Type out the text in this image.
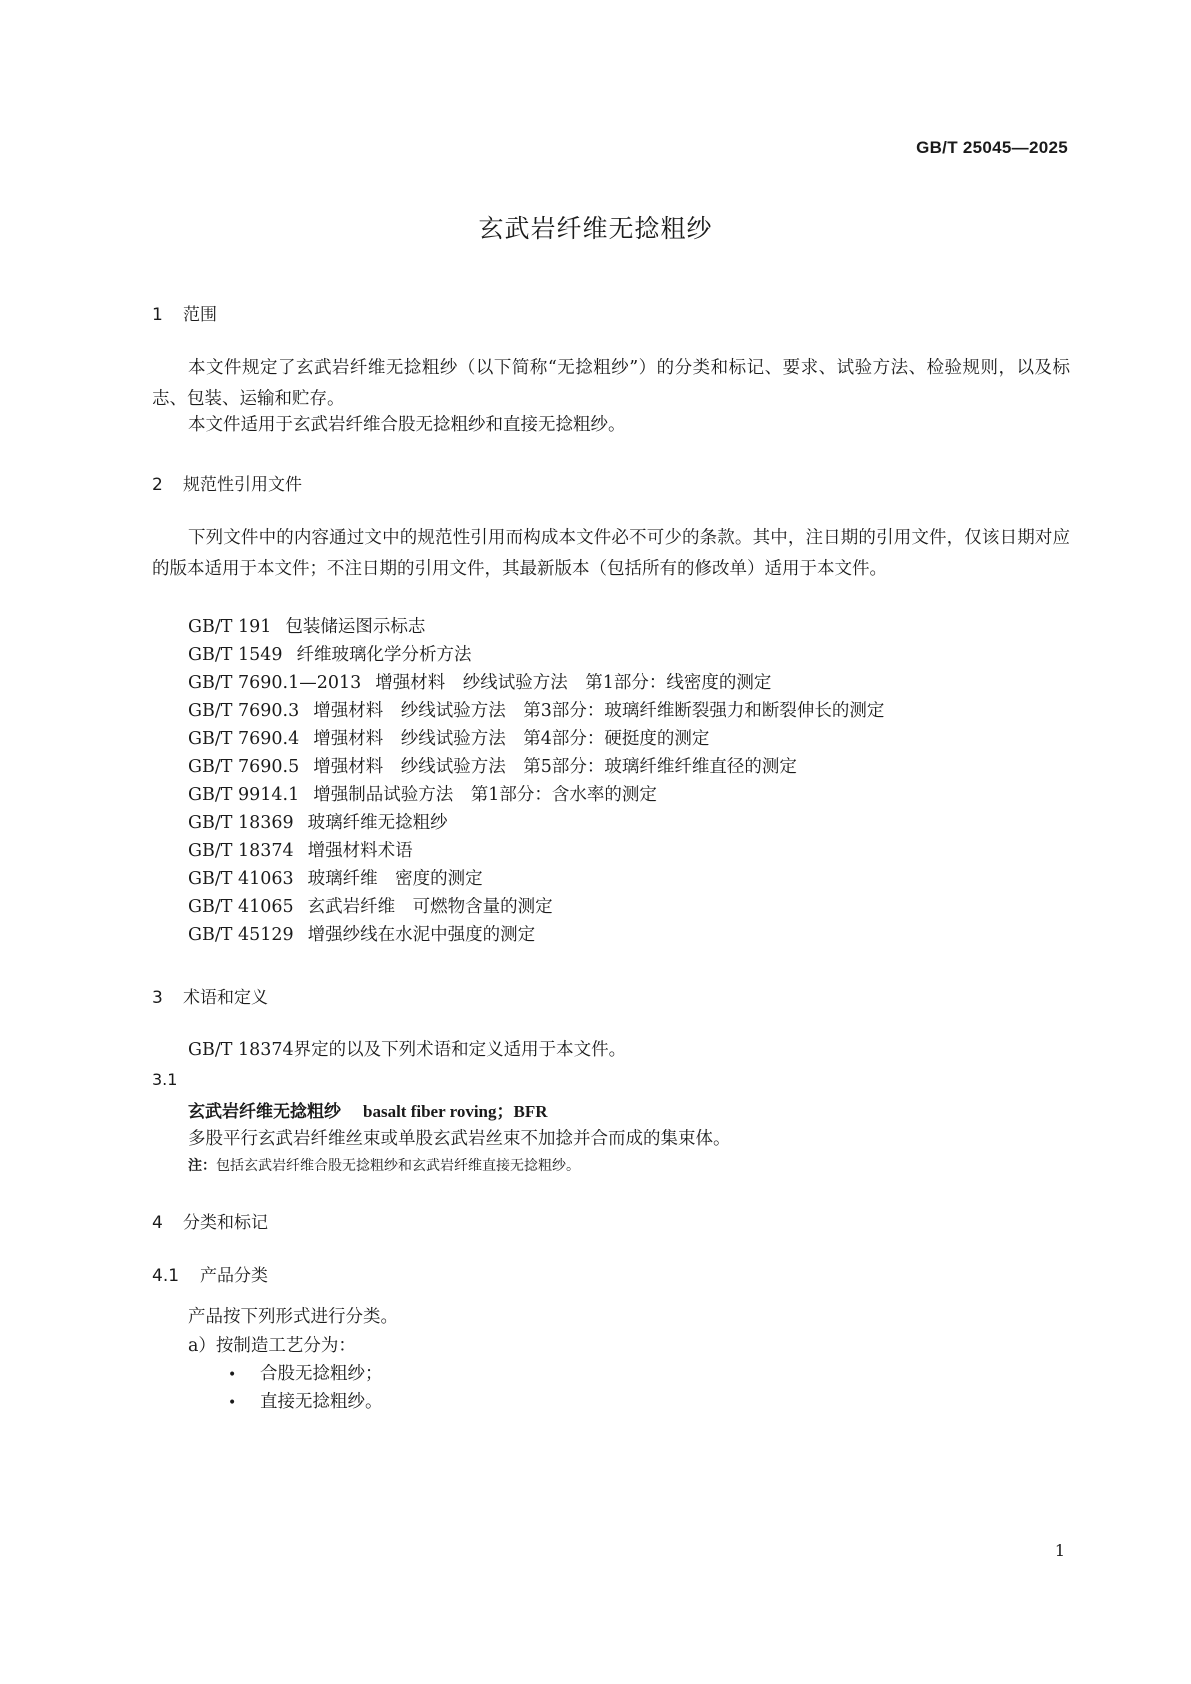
GB/T 25045—2025
玄武岩纤维无捻粗纱
1 范围

本文件规定了玄武岩纤维无捻粗纱（以下简称“无捻粗纱”）的分类和标记、要求、试验方法、检验规则，以及标志、包装、运输和贮存。

本文件适用于玄武岩纤维合股无捻粗纱和直接无捻粗纱。

2 规范性引用文件

下列文件中的内容通过文中的规范性引用而构成本文件必不可少的条款。其中，注日期的引用文件，仅该日期对应的版本适用于本文件；不注日期的引用文件，其最新版本（包括所有的修改单）适用于本文件。

GB/T 191 包装储运图示标志
GB/T 1549 纤维玻璃化学分析方法
GB/T 7690.1—2013 增强材料　纱线试验方法　第1部分：线密度的测定
GB/T 7690.3 增强材料　纱线试验方法　第3部分：玻璃纤维断裂强力和断裂伸长的测定
GB/T 7690.4 增强材料　纱线试验方法　第4部分：硬挺度的测定
GB/T 7690.5 增强材料　纱线试验方法　第5部分：玻璃纤维纤维直径的测定
GB/T 9914.1 增强制品试验方法　第1部分：含水率的测定
GB/T 18369 玻璃纤维无捻粗纱
GB/T 18374 增强材料术语
GB/T 41063 玻璃纤维　密度的测定
GB/T 41065 玄武岩纤维　可燃物含量的测定
GB/T 45129 增强纱线在水泥中强度的测定
3 术语和定义
GB/T 18374界定的以及下列术语和定义适用于本文件。
3.1
玄武岩纤维无捻粗纱 basalt fiber roving；BFR
多股平行玄武岩纤维丝束或单股玄武岩丝束不加捻并合而成的集束体。
注：包括玄武岩纤维合股无捻粗纱和玄武岩纤维直接无捻粗纱。
4 分类和标记
4.1 产品分类
产品按下列形式进行分类。
a）按制造工艺分为：
• 合股无捻粗纱；
• 直接无捻粗纱。
1
